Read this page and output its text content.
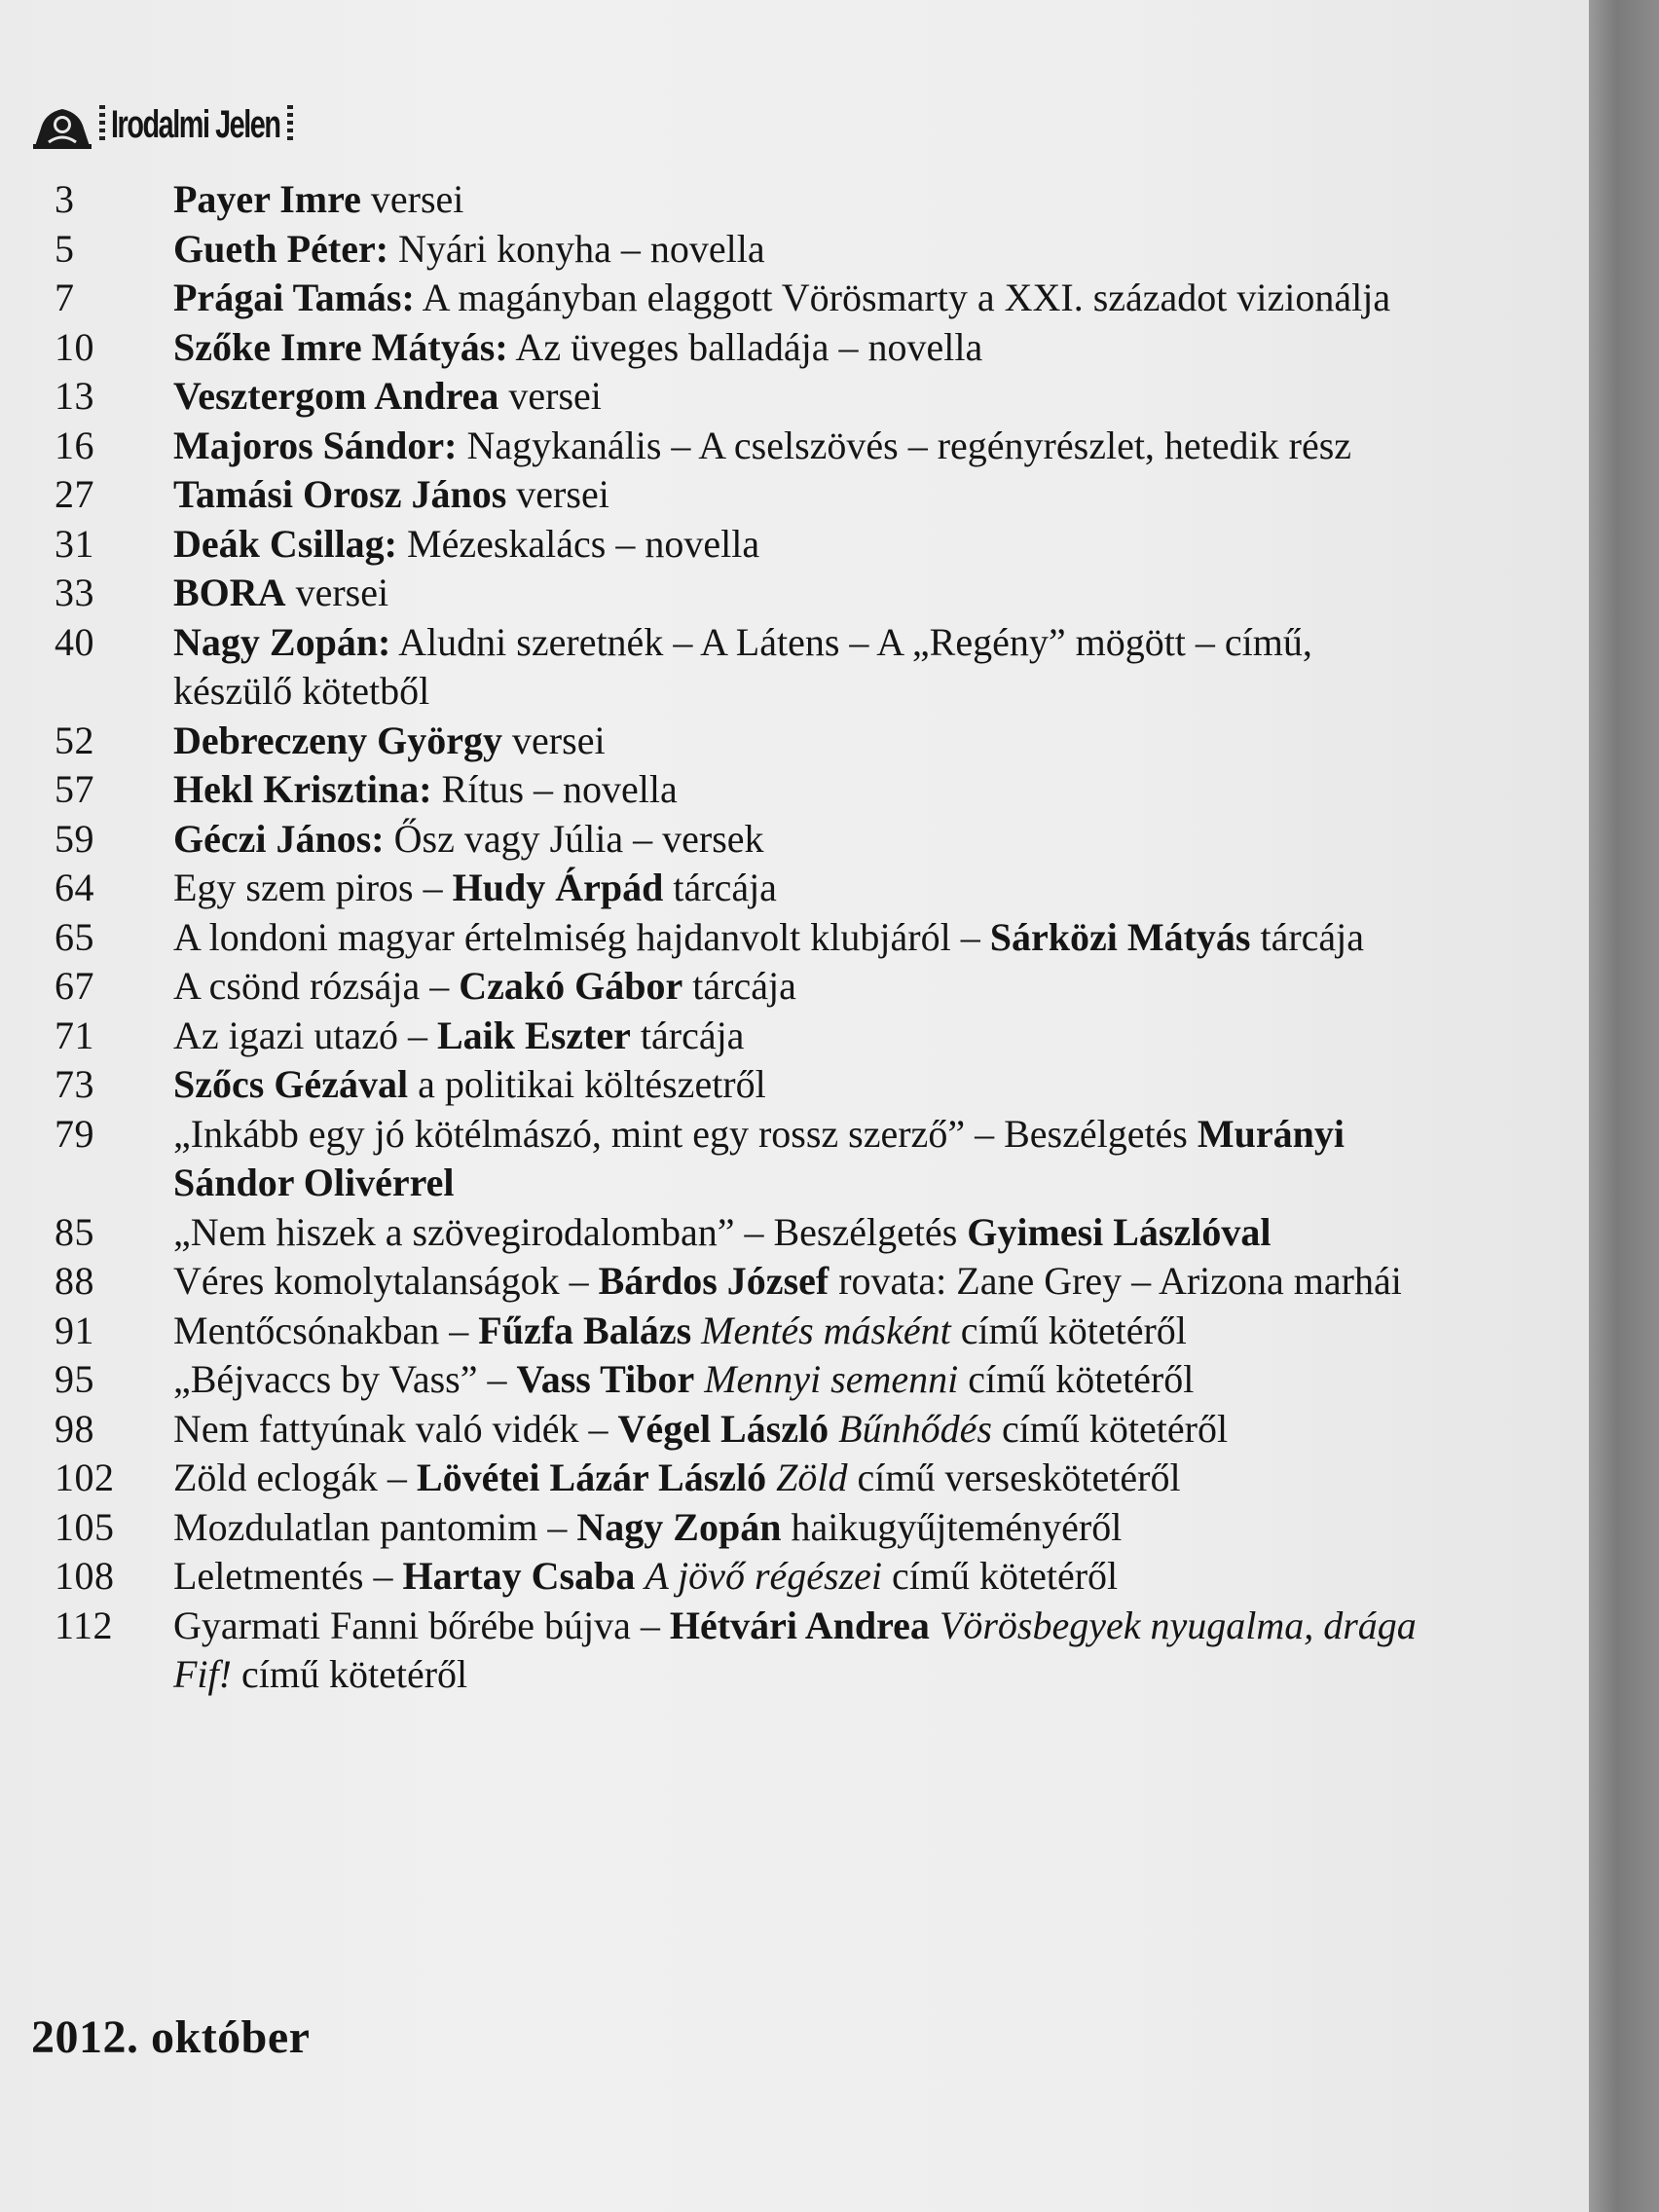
Irodalmi Jelen
3	Payer Imre versei
5	Gueth Péter: Nyári konyha – novella
7	Prágai Tamás: A magányban elaggott Vörösmarty a XXI. századot vizionálja
10	Szőke Imre Mátyás: Az üveges balladája – novella
13	Vesztergom Andrea versei
16	Majoros Sándor: Nagykanális – A cselszövés – regényrészlet, hetedik rész
27	Tamási Orosz János versei
31	Deák Csillag: Mézeskalács – novella
33	BORA versei
40	Nagy Zopán: Aludni szeretnék – A Látens – A „Regény” mögött – című, készülő kötetből
52	Debreczeny György versei
57	Hekl Krisztina: Rítus – novella
59	Géczi János: Ősz vagy Júlia – versek
64	Egy szem piros – Hudy Árpád tárcája
65	A londoni magyar értelmiség hajdanvolt klubjáról – Sárközi Mátyás tárcája
67	A csönd rózsája – Czakó Gábor tárcája
71	Az igazi utazó – Laik Eszter tárcája
73	Szőcs Gézával a politikai költészetről
79	„Inkább egy jó kötélmászó, mint egy rossz szerző” – Beszélgetés Murányi Sándor Olivérrel
85	„Nem hiszek a szövegirodalomban” – Beszélgetés Gyimesi Lászlóval
88	Véres komolytalanságok – Bárdos József rovata: Zane Grey – Arizona marhái
91	Mentőcsónakban – Fűzfa Balázs Mentés másként című kötetéről
95	„Béjvaccs by Vass” – Vass Tibor Mennyi semenni című kötetéről
98	Nem fattyúnak való vidék – Végel László Bűnhődés című kötetéről
102	Zöld eclogák – Lövétei Lázár László Zöld című verseskötetéről
105	Mozdulatlan pantomim – Nagy Zopán haikugyűjteményéről
108	Leletmentés – Hartay Csaba A jövő régészei című kötetéről
112	Gyarmati Fanni bőrébe bújva – Hétvári Andrea Vörösbegyek nyugalma, drága Fif! című kötetéről
2012. október
